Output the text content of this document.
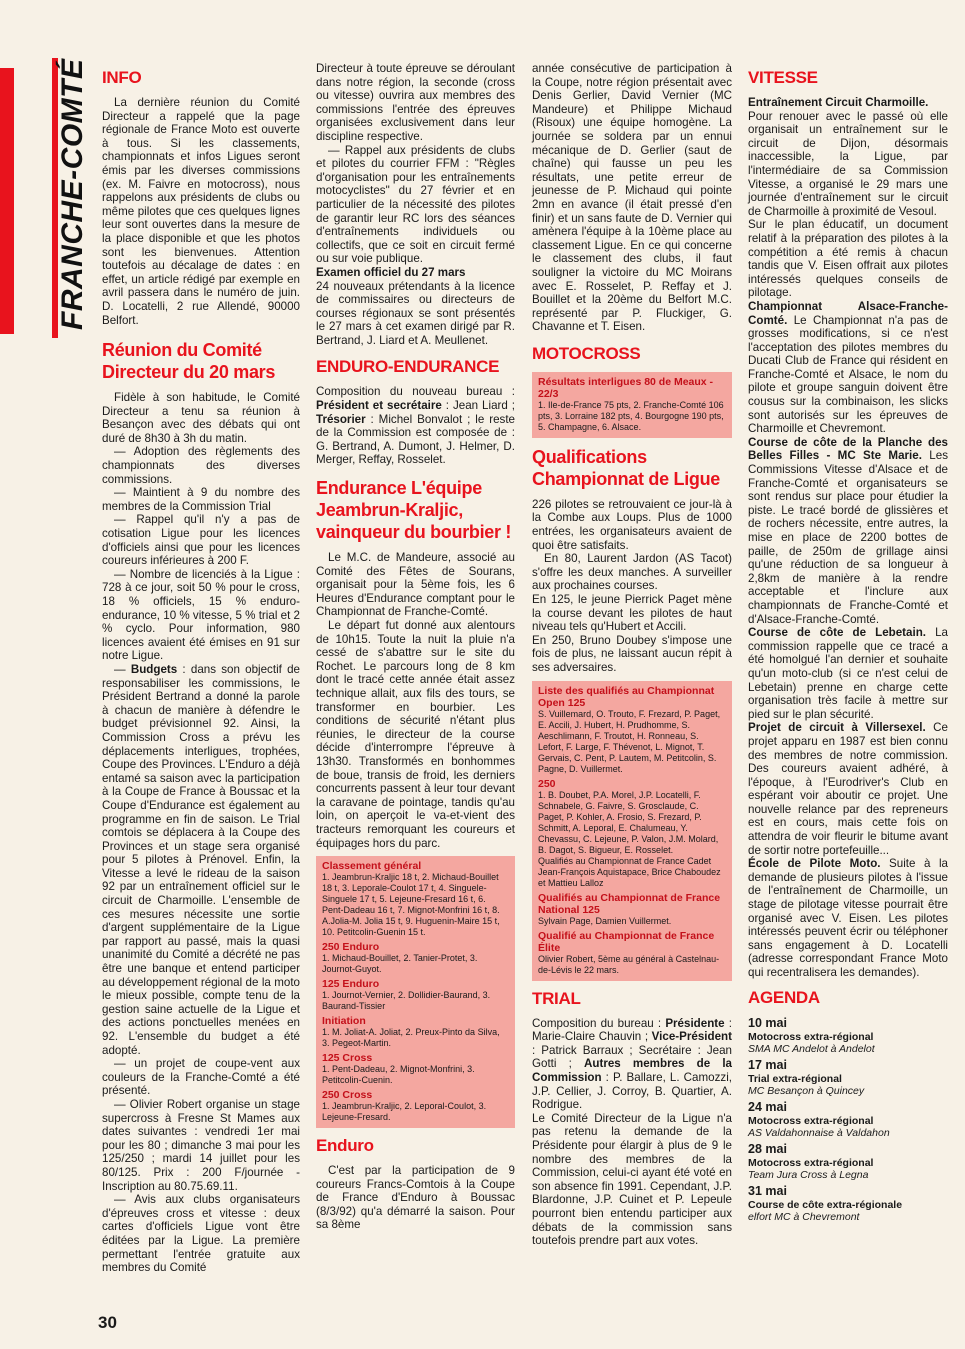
FRANCHE-COMTÉ INFO

La dernière réunion du Comité Directeur a rappelé que la page régionale de France Moto est ouverte à tous. Si les classements, championnats et infos Ligues seront émis par les diverses commissions (ex. M. Faivre en motocross), nous rappelons aux présidents de clubs ou même pilotes que ces quelques lignes leur sont ouvertes dans la mesure de la place disponible et que les photos sont les bienvenues. Attention toutefois au décalage de dates : en effet, un article rédigé par exemple en avril passera dans le numéro de juin. D. Locatelli, 2 rue Allendé, 90000 Belfort.

Réunion du Comité Directeur du 20 mars

Fidèle à son habitude, le Comité Directeur a tenu sa réunion à Besançon avec des débats qui ont duré de 8h30 à 3h du matin.

— Adoption des règlements des championnats des diverses commissions.

— Maintient à 9 du nombre des membres de la Commission Trial

— Rappel qu'il n'y a pas de cotisation Ligue pour les licences d'officiels ainsi que pour les licences coureurs inférieures à 200 F.

— Nombre de licenciés à la Ligue : 728 à ce jour, soit 50 % pour le cross, 18 % officiels, 15 % enduro-endurance, 10 % vitesse, 5 % trial et 2 % cyclo. Pour information, 980 licences avaient été émises en 91 sur notre Ligue.

— Budgets : dans son objectif de responsabiliser les commissions, le Président Bertrand a donné la parole à chacun de manière à défendre le budget prévisionnel 92. Ainsi, la Commission Cross a prévu les déplacements interligues, trophées, Coupe des Provinces. L'Enduro a déjà entamé sa saison avec la participation à la Coupe de France à Boussac et la Coupe d'Endurance est également au programme en fin de saison. Le Trial comtois se déplacera à la Coupe des Provinces et un stage sera organisé pour 5 pilotes à Prénovel. Enfin, la Vitesse a levé le rideau de la saison 92 par un entraînement officiel sur le circuit de Charmoille. L'ensemble de ces mesures nécessite une sortie d'argent supplémentaire de la Ligue par rapport au passé, mais la quasi unanimité du Comité a décrété ne pas être une banque et entend participer au développement régional de la moto le mieux possible, compte tenu de la gestion saine actuelle de la Ligue et des actions ponctuelles menées en 92. L'ensemble du budget a été adopté.

— un projet de coupe-vent aux couleurs de la Franche-Comté a été présenté.

— Olivier Robert organise un stage supercross à Fresne St Mames aux dates suivantes : vendredi 1er mai pour les 80 ; dimanche 3 mai pour les 125/250 ; mardi 14 juillet pour les 80/125. Prix : 200 F/journée - Inscription au 80.75.69.11.

— Avis aux clubs organisateurs d'épreuves cross et vitesse : deux cartes d'officiels Ligue vont être éditées par la Ligue. La première permettant l'entrée gratuite aux membres du Comité

Directeur à toute épreuve se déroulant dans notre région, la seconde (cross ou vitesse) ouvrira aux membres des commissions l'entrée des épreuves organisées exclusivement dans leur discipline respective.

— Rappel aux présidents de clubs et pilotes du courrier FFM : "Règles d'organisation pour les entraînements motocyclistes" du 27 février et en particulier de la nécessité des pilotes de garantir leur RC lors des séances d'entraînements individuels ou collectifs, que ce soit en circuit fermé ou sur voie publique.

Examen officiel du 27 mars

24 nouveaux prétendants à la licence de commissaires ou directeurs de courses régionaux se sont présentés le 27 mars à cet examen dirigé par R. Bertrand, J. Liard et A. Meullenet.

ENDURO-ENDURANCE

Composition du nouveau bureau : Président et secrétaire : Jean Liard ; Trésorier : Michel Bonvalot ; le reste de la Commission est composée de : G. Bertrand, A. Dumont, J. Helmer, D. Merger, Reffay, Rosselet.

Endurance L'équipe Jeambrun-Kraljic, vainqueur du bourbier !

Le M.C. de Mandeure, associé au Comité des Fêtes de Sourans, organisait pour la 5ème fois, les 6 Heures d'Endurance comptant pour le Championnat de Franche-Comté.

Le départ fut donné aux alentours de 10h15. Toute la nuit la pluie n'a cessé de s'abattre sur le site du Rochet. Le parcours long de 8 km dont le tracé cette année était assez technique allait, aux fils des tours, se transformer en bourbier. Les conditions de sécurité n'étant plus réunies, le directeur de la course décide d'interrompre l'épreuve à 13h30. Transformés en bonhommes de boue, transis de froid, les derniers concurrents passent à leur tour devant la caravane de pointage, tandis qu'au loin, on aperçoit le va-et-vient des tracteurs remorquant les coureurs et équipages hors du parc.

Classement général
1. Jeambrun-Kraljic 18 t, 2. Michaud-Bouillet 18 t, 3. Leporale-Coulot 17 t, 4. Singuele-Singuele 17 t, 5. Lejeune-Fresard 16 t, 6. Pent-Dadeau 16 t, 7. Mignot-Monfrini 16 t, 8. A.Jolia-M. Jolia 15 t, 9. Huguenin-Maire 15 t, 10. Petitcolin-Guenin 15 t.
250 Enduro
1. Michaud-Bouillet, 2. Tanier-Protet, 3. Journot-Guyot.
125 Enduro
1. Journot-Vernier, 2. Dollidier-Baurand, 3. Baurand-Tissier
Initiation
1. M. Joliat-A. Joliat, 2. Preux-Pinto da Silva, 3. Pegeot-Martin.
125 Cross
1. Pent-Dadeau, 2. Mignot-Monfrini, 3. Petitcolin-Cuenin.
250 Cross
1. Jeambrun-Kraljic, 2. Leporal-Coulot, 3. Lejeune-Fresard.
Enduro

C'est par la participation de 9 coureurs Francs-Comtois à la Coupe de France d'Enduro à Boussac (8/3/92) qu'a démarré la saison. Pour sa 8ème

année consécutive de participation à la Coupe, notre région présentait avec Denis Gerlier, David Vernier (MC Mandeure) et Philippe Michaud (Risoux) une équipe homogène. La journée se soldera par un ennui mécanique de D. Gerlier (saut de chaîne) qui fausse un peu les résultats, une petite erreur de jeunesse de P. Michaud qui pointe 2mn en avance (il était pressé d'en finir) et un sans faute de D. Vernier qui amènera l'équipe à la 10ème place au classement Ligue. En ce qui concerne le classement des clubs, il faut souligner la victoire du MC Moirans avec E. Rosselet, P. Reffay et J. Bouillet et la 20ème du Belfort M.C. représenté par P. Fluckiger, G. Chavanne et T. Eisen.

MOTOCROSS
Résultats interligues 80 de Meaux - 22/3
1. Ile-de-France 75 pts, 2. Franche-Comté 106 pts, 3. Lorraine 182 pts, 4. Bourgogne 190 pts, 5. Champagne, 6. Alsace.
Qualifications Championnat de Ligue

226 pilotes se retrouvaient ce jour-là à la Combe aux Loups. Plus de 1000 entrées, les organisateurs avaient de quoi être satisfaits.

En 80, Laurent Jardon (AS Tacot) s'offre les deux manches. A surveiller aux prochaines courses.

En 125, le jeune Pierrick Paget mène la course devant les pilotes de haut niveau tels qu'Hubert et Accili.

En 250, Bruno Doubey s'impose une fois de plus, ne laissant aucun répit à ses adversaires.

Liste des qualifiés au Championnat Open 125
S. Vuillemard, O. Trouto, F. Frezard, P. Paget, E. Accili, J. Hubert, H. Prudhomme, S. Aeschlimann, F. Troutot, H. Ronneau, S. Lefort, F. Large, F. Thévenot, L. Mignot, T. Gervais, C. Pent, P. Lautem, M. Petitcolin, S. Pagne, D. Vuillermet.
250
1. B. Doubet, P.A. Morel, J.P. Locatelli, F. Schnabele, G. Faivre, S. Grosclaude, C. Paget, P. Kohler, A. Frosio, S. Frezard, P. Schmitt, A. Leporal, E. Chalumeau, Y. Chevassu, C. Lejeune, P. Valon, J.M. Molard, B. Dagot, S. Bigueur, E. Rosselet.
Qualifiés au Championnat de France Cadet Jean-François Aquistapace, Brice Chaboudez et Mattieu Lalloz
Qualifiés au Championnat de France National 125
Sylvain Page, Damien Vuillermet.
Qualifié au Championnat de France Élite
Olivier Robert, 5ème au général à Castelnau-de-Lévis le 22 mars.
TRIAL

Composition du bureau : Présidente : Marie-Claire Chauvin ; Vice-Président : Patrick Barraux ; Secrétaire : Jean Gotti ; Autres membres de la Commission : P. Ballare, L. Camozzi, J.P. Cellier, J. Corroy, B. Quartier, A. Rodrigue.

Le Comité Directeur de la Ligue n'a pas retenu la demande de la Présidente pour élargir à plus de 9 le nombre des membres de la Commission, celui-ci ayant été voté en son absence fin 1991. Cependant, J.P. Blardonne, J.P. Cuinet et P. Lepeule pourront bien entendu participer aux débats de la commission sans toutefois prendre part aux votes.

VITESSE

Entraînement Circuit Charmoille.

Pour renouer avec le passé où elle organisait un entraînement sur le circuit de Dijon, désormais inaccessible, la Ligue, par l'intermédiaire de sa Commission Vitesse, a organisé le 29 mars une journée d'entraînement sur le circuit de Charmoille à proximité de Vesoul.

Sur le plan éducatif, un document relatif à la préparation des pilotes à la compétition a été remis à chacun tandis que V. Eisen offrait aux pilotes intéressés quelques conseils de pilotage.

Championnat Alsace-Franche-Comté. Le Championnat n'a pas de grosses modifications, si ce n'est l'acceptation des pilotes membres du Ducati Club de France qui résident en Franche-Comté et Alsace, le nom du pilote et groupe sanguin doivent être cousus sur la combinaison, les slicks sont autorisés sur les épreuves de Charmoille et Chevremont.

Course de côte de la Planche des Belles Filles - MC Ste Marie. Les Commissions Vitesse d'Alsace et de Franche-Comté et organisateurs se sont rendus sur place pour étudier la piste. Le tracé bordé de glissières et de rochers nécessite, entre autres, la mise en place de 2200 bottes de paille, de 250m de grillage ainsi qu'une réduction de sa longueur à 2,8km de manière à la rendre acceptable et l'inclure aux championnats de Franche-Comté et d'Alsace-Franche-Comté.

Course de côte de Lebetain. La commission rappelle que ce tracé a été homolgué l'an dernier et souhaite qu'un moto-club (si ce n'est celui de Lebetain) prenne en charge cette organisation très facile à mettre sur pied sur le plan sécurité.

Projet de circuit à Villersexel. Ce projet apparu en 1987 est bien connu des membres de notre commission. Des coureurs avaient adhéré, à l'époque, à l'Eurodriver's Club en espérant voir aboutir ce projet. Une nouvelle relance par des repreneurs est en cours, mais cette fois on attendra de voir fleurir le bitume avant de sortir notre portefeuille...

École de Pilote Moto. Suite à la demande de plusieurs pilotes à l'issue de l'entraînement de Charmoille, un stage de pilotage vitesse pourrait être organisé avec V. Eisen. Les pilotes intéressés peuvent écrir ou téléphoner sans engagement à D. Locatelli (adresse correspondant France Moto qui recentralisera les demandes).

AGENDA
10 mai
Motocross extra-régional
SMA MC Andelot à Andelot
17 mai
Trial extra-régional
MC Besançon à Quincey
24 mai
Motocross extra-régional
AS Valdahonnaise à Valdahon
28 mai
Motocross extra-régional
Team Jura Cross à Legna
31 mai
Course de côte extra-régionale
elfort MC à Chevremont
30
